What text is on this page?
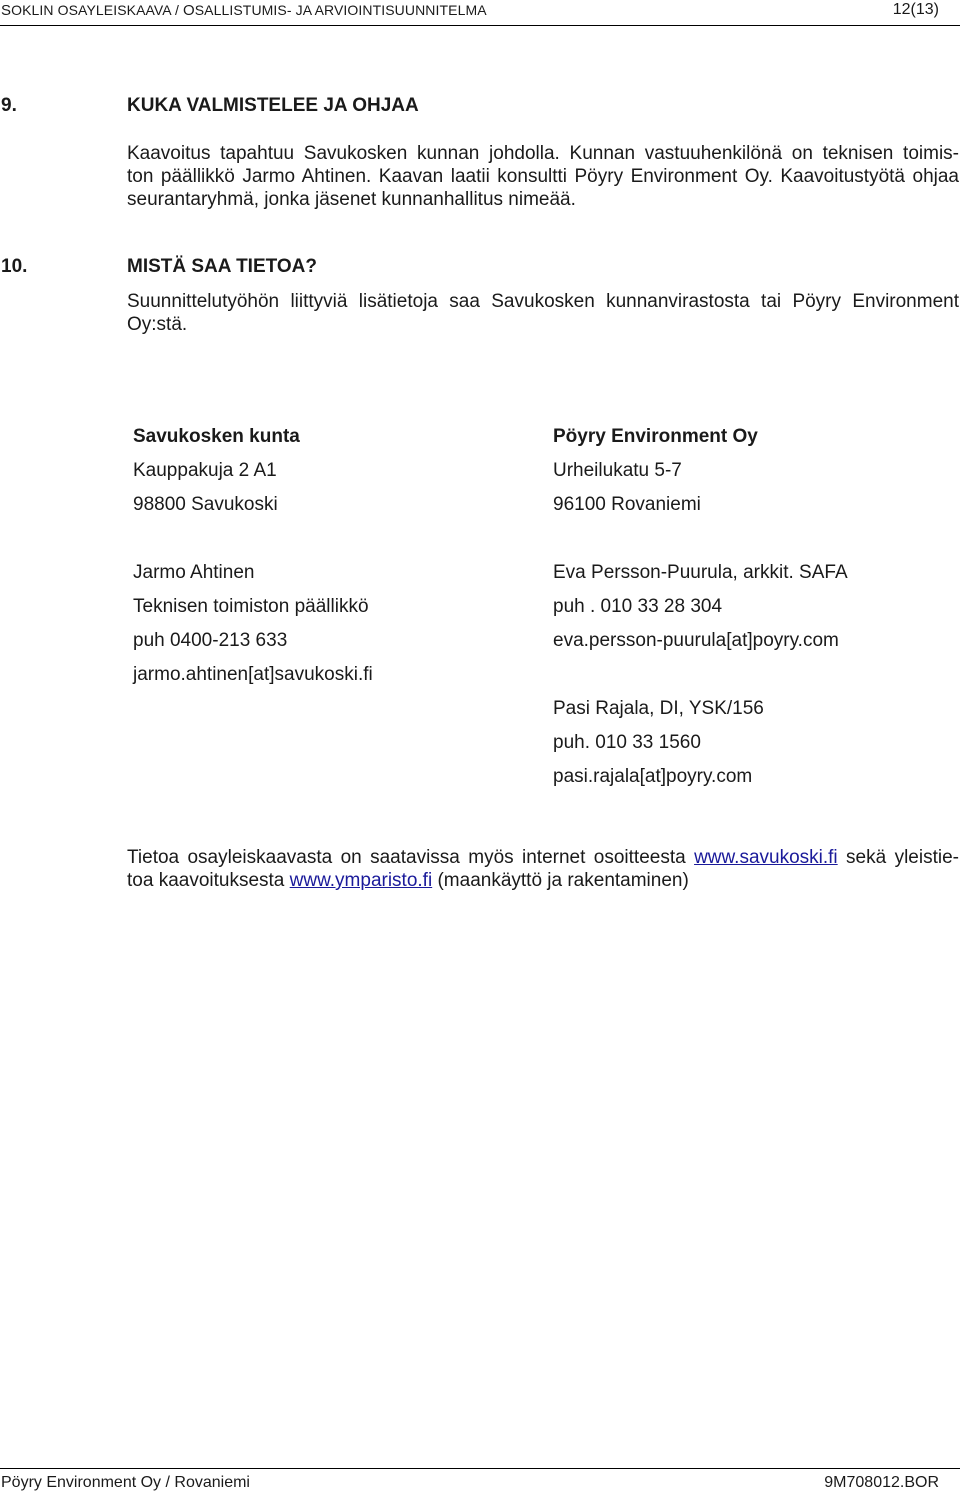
SOKLIN OSAYLEISKAAVA / OSALLISTUMIS- JA ARVIOINTISUUNNITELMA	12(13)
9.	KUKA VALMISTELEE JA OHJAA
Kaavoitus tapahtuu Savukosken kunnan johdolla. Kunnan vastuuhenkilönä on teknisen toimis-
ton päällikkö Jarmo Ahtinen. Kaavan laatii konsultti Pöyry Environment Oy. Kaavoitustyötä ohjaa
seurantaryhmä, jonka jäsenet kunnanhallitus nimeää.
10.	MISTÄ SAA TIETOA?
Suunnittelutyöhön liittyviä lisätietoja saa Savukosken kunnanvirastosta tai Pöyry Environment
Oy:stä.
Savukosken kunta
Kauppakuja 2 A1
98800 Savukoski
Jarmo Ahtinen
Teknisen toimiston päällikkö
puh 0400-213 633
jarmo.ahtinen[at]savukoski.fi
Pöyry Environment Oy
Urheilukatu 5-7
96100 Rovaniemi
Eva Persson-Puurula, arkkit. SAFA
puh . 010 33 28 304
eva.persson-puurula[at]poyry.com
Pasi Rajala, DI, YSK/156
puh. 010 33 1560
pasi.rajala[at]poyry.com
Tietoa osayleiskaavasta on saatavissa myös internet osoitteesta www.savukoski.fi sekä yleistie-
toa kaavoituksesta www.ymparisto.fi (maankäyttö ja rakentaminen)
Pöyry Environment Oy / Rovaniemi	9M708012.BOR
